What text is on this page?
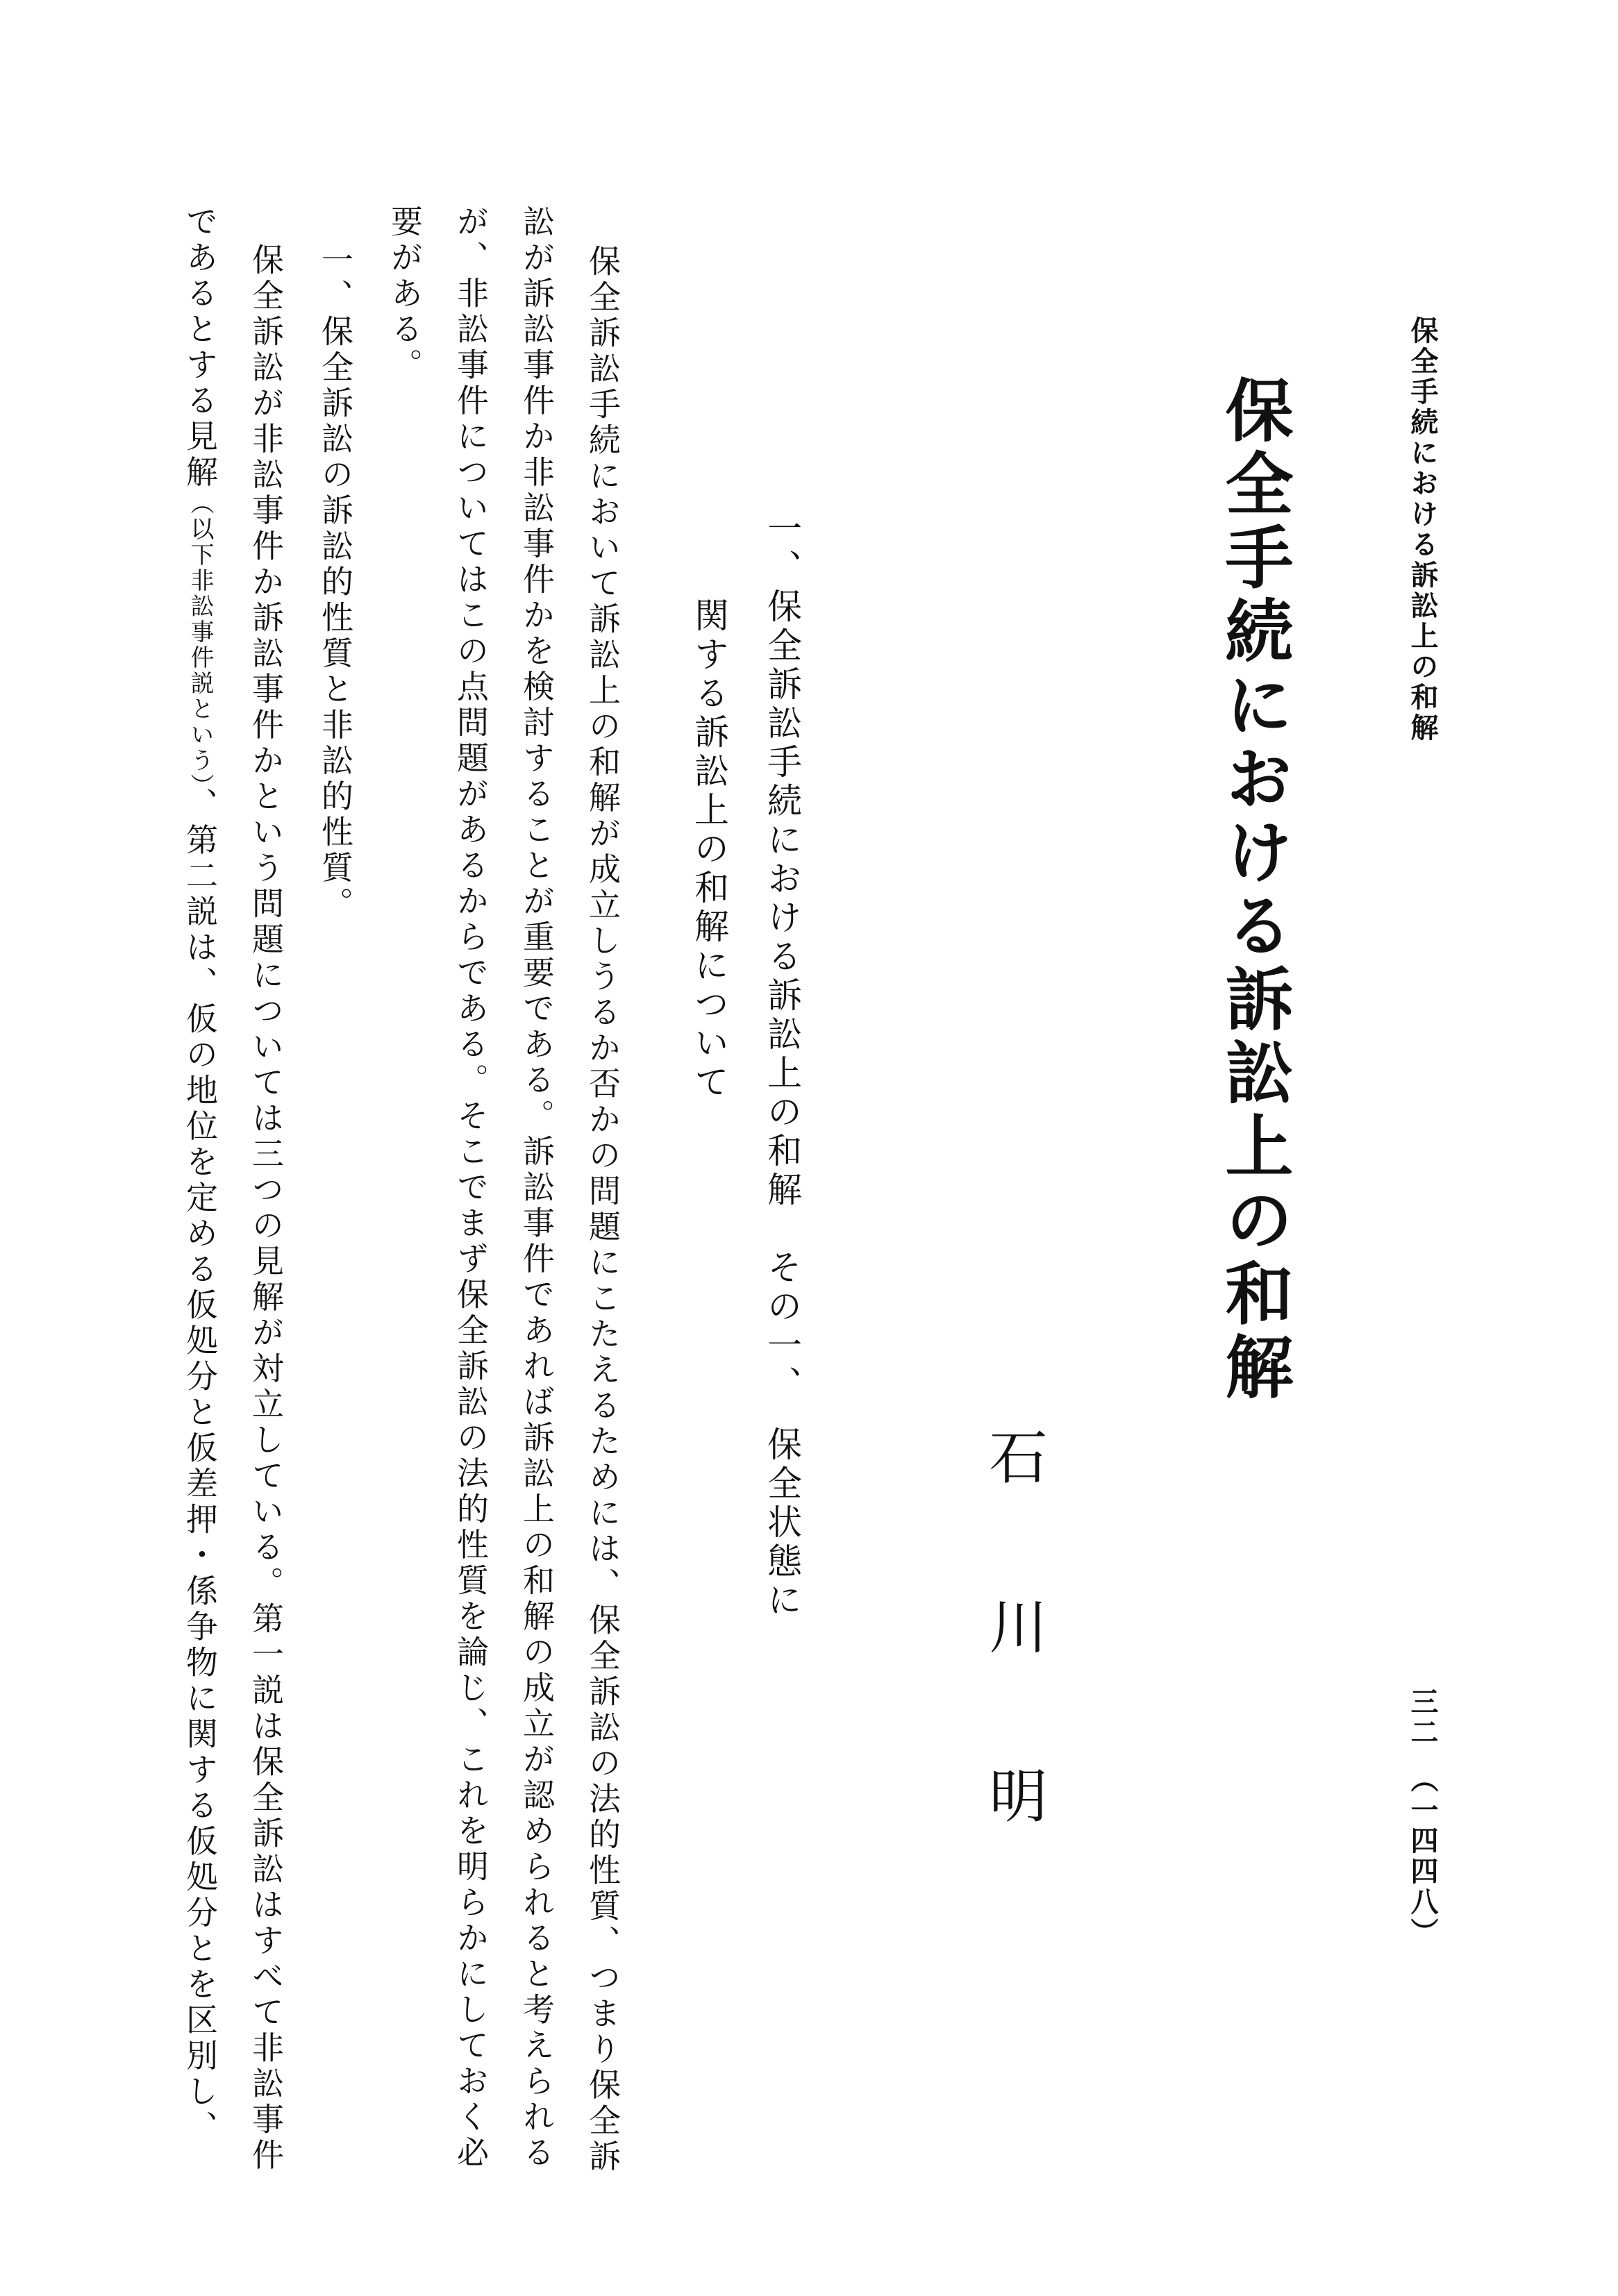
保全手続における訴訟上の和解
三二　（一四四八）
保全手続における訴訟上の和解
石川明
一、保全訴訟手続における訴訟上の和解　その一、　保全状態に
関する訴訟上の和解について
保全訴訟手続において訴訟上の和解が成立しうるか否かの問題にこたえるためには、保全訴訟の法的性質、つまり保全訴
訟が訴訟事件か非訟事件かを検討することが重要である。訴訟事件であれば訴訟上の和解の成立が認められると考えられる
が、非訟事件についてはこの点問題があるからである。そこでまず保全訴訟の法的性質を論じ、これを明らかにしておく必
要がある。
一、保全訴訟の訴訟的性質と非訟的性質。
保全訴訟が非訟事件か訴訟事件かという問題については三つの見解が対立している。第一説は保全訴訟はすべて非訟事件
であるとする見解（以下非訟事件説という）、第二説は、仮の地位を定める仮処分と仮差押・係争物に関する仮処分とを区別し、
